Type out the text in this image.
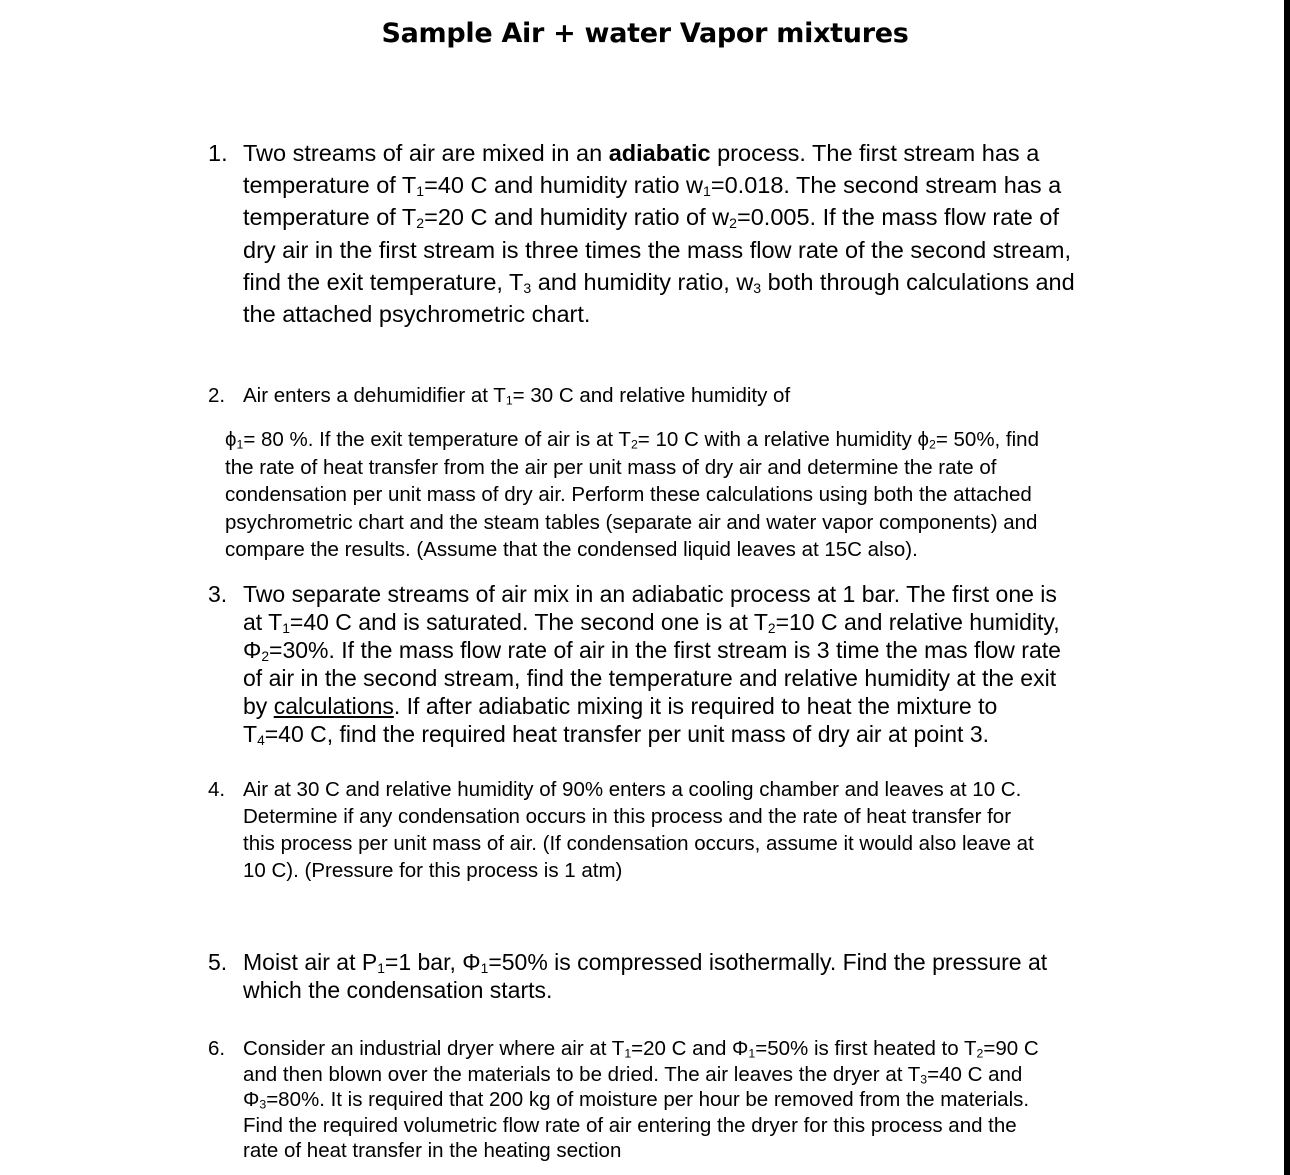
Sample Air + water Vapor mixtures
1. Two streams of air are mixed in an adiabatic process. The first stream has a
temperature of $T_1=40$ C and humidity ratio $w_1=0.018$. The second stream has a
temperature of $T_2=20$ C and humidity ratio of $w_2=0.005$. If the mass flow rate of
dry air in the first stream is three times the mass flow rate of the second stream,
find the exit temperature, $T_3$ and humidity ratio, $w_3$ both through calculations and
the attached psychrometric chart.
2. Air enters a dehumidifier at $T_1= 30$ C and relative humidity of
$\phi_1= 80$ %. If the exit temperature of air is at $T_2= 10$ C with a relative humidity $\phi_2= 50\%$, find
the rate of heat transfer from the air per unit mass of dry air and determine the rate of
condensation per unit mass of dry air. Perform these calculations using both the attached
psychrometric chart and the steam tables (separate air and water vapor components) and
compare the results. (Assume that the condensed liquid leaves at 15C also).
3. Two separate streams of air mix in an adiabatic process at 1 bar. The first one is
at $T_1=40$ C and is saturated. The second one is at $T_2=10$ C and relative humidity,
$\Phi_2=30\%$. If the mass flow rate of air in the first stream is 3 time the mas flow rate
of air in the second stream, find the temperature and relative humidity at the exit
by calculations. If after adiabatic mixing it is required to heat the mixture to
$T_4=40$ C, find the required heat transfer per unit mass of dry air at point 3.
4. Air at 30 C and relative humidity of 90% enters a cooling chamber and leaves at 10 C.
Determine if any condensation occurs in this process and the rate of heat transfer for
this process per unit mass of air. (If condensation occurs, assume it would also leave at
10 C). (Pressure for this process is 1 atm)
5. Moist air at $P_1=1$ bar, $\Phi_1=50\%$ is compressed isothermally. Find the pressure at
which the condensation starts.
6. Consider an industrial dryer where air at $T_1=20$ C and $\Phi_1=50\%$ is first heated to $T_2=90$ C
and then blown over the materials to be dried. The air leaves the dryer at $T_3=40$ C and
$\Phi_3=80\%$. It is required that 200 kg of moisture per hour be removed from the materials.
Find the required volumetric flow rate of air entering the dryer for this process and the
rate of heat transfer in the heating section
